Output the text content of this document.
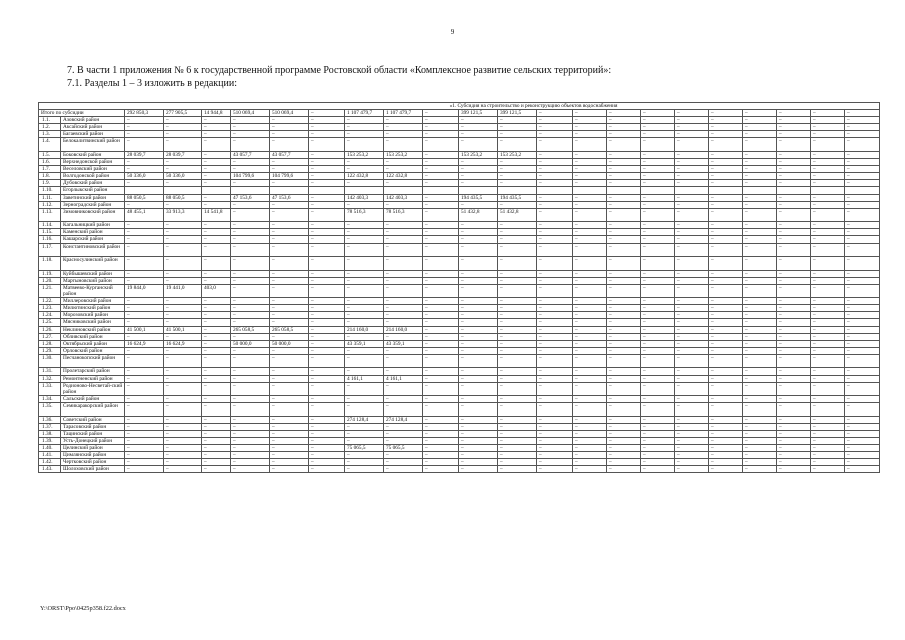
9
7. В части 1 приложения № 6 к государственной программе Ростовской области «Комплексное развитие сельских территорий»:
7.1. Разделы 1 – 3 изложить в редакции:
«1. Субсидия на строительство и реконструкцию объектов водоснабжения																						
Итого по субсидии		292 850,3	277 905,5	14 944,8	510 069,4	510 069,4	–	1 107 479,7	1 107 479,7	–	399 121,5	399 121,5	–	–	–	–	–	–	–	–	–	–
1.1.	Азовский район	–	–	–	–	–	–	–	–	–	–	–	–	–	–	–	–	–	–	–	–	–
1.2.	Аксайский район	–	–	–	–	–	–	–	–	–	–	–	–	–	–	–	–	–	–	–	–	–
1.3.	Багаевский район	–	–	–	–	–	–	–	–	–	–	–	–	–	–	–	–	–	–	–	–	–
1.4.	Белокалитвинский район	–	–	–	–	–	–	–	–	–	–	–	–	–	–	–	–	–	–	–	–	–
1.5.	Боковский район	28 039,7	28 039,7	–	43 057,7	43 057,7	–	153 253,2	153 253,2	–	153 253,2	153 253,2	–	–	–	–	–	–	–	–	–	–
1.6.	Верхнедонской район	–	–	–	–	–	–	–	–	–	–	–	–	–	–	–	–	–	–	–	–	–
1.7.	Веселовский район	–	–	–	–	–	–	–	–	–	–	–	–	–	–	–	–	–	–	–	–	–
1.8.	Волгодонской район	50 336,0	50 336,0	–	104 799,6	104 799,6	–	122 432,8	122 432,8	–	–	–	–	–	–	–	–	–	–	–	–	–
1.9.	Дубовский район	–	–	–	–	–	–	–	–	–	–	–	–	–	–	–	–	–	–	–	–	–
1.10.	Егорлыкский район																					
1.11.	Заветинский район	88 050,5	88 050,5	–	47 153,6	47 153,6	–	142 403,3	142 403,3	–	194 435,5	194 435,5	–	–	–	–	–	–	–	–	–	–
1.12.	Зерноградский район	–	–	–	–	–	–	–	–	–	–	–	–	–	–	–	–	–	–	–	–	–
1.13.	Зимовниковский район	48 455,1	33 913,3	14 541,8	–	–	–	78 516,3	78 516,3	–	51 432,8	51 432,8	–	–	–	–	–	–	–	–	–	–
1.14.	Кагальницкий район	–	–	–	–	–	–	–	–	–	–	–	–	–	–	–	–	–	–	–	–	–
1.15.	Каменский район	–	–	–	–	–	–	–	–	–	–	–	–	–	–	–	–	–	–	–	–	–
1.16.	Кашарский район	–	–	–	–	–	–	–	–	–	–	–	–	–	–	–	–	–	–	–	–	–
1.17.	Константиновский район	–	–	–	–	–	–	–	–	–	–	–	–	–	–	–	–	–	–	–	–	–
1.18.	Красносулинский район	–	–	–	–	–	–	–	–	–	–	–	–	–	–	–	–	–	–	–	–	–
1.19.	Куйбышевский район	–	–	–	–	–	–	–	–	–	–	–	–	–	–	–	–	–	–	–	–	–
1.20.	Мартыновский район	–	–	–	–	–	–	–	–	–	–	–	–	–	–	–	–	–	–	–	–	–
1.21.	Матвеево-Курганский район	19 844,0	19 441,0	403,0	–	–	–	–	–	–	–	–	–	–	–	–	–	–	–	–	–	–
1.22.	Миллеровский район	–	–	–	–	–	–	–	–	–	–	–	–	–	–	–	–	–	–	–	–	–
1.23.	Милютинский район	–	–	–	–	–	–	–	–	–	–	–	–	–	–	–	–	–	–	–	–	–
1.24.	Морозовский район	–	–	–	–	–	–	–	–	–	–	–	–	–	–	–	–	–	–	–	–	–
1.25.	Мясниковский район	–	–	–	–	–	–	–	–	–	–	–	–	–	–	–	–	–	–	–	–	–
1.26.	Неклиновский район	41 500,1	41 500,1	–	265 058,5	265 058,5	–	214 160,0	214 160,0	–	–	–	–	–	–	–	–	–	–	–	–	–
1.27.	Обливский район	–	–	–	–	–	–	–	–	–	–	–	–	–	–	–	–	–	–	–	–	–
1.28.	Октябрьский район	16 624,9	16 624,9	–	50 000,0	50 000,0	–	43 359,1	43 359,1	–	–	–	–	–	–	–	–	–	–	–	–	–
1.29.	Орловский район	–	–	–	–	–	–	–	–	–	–	–	–	–	–	–	–	–	–	–	–	–
1.30.	Песчанокопский район	–	–	–	–	–	–	–	–	–	–	–	–	–	–	–	–	–	–	–	–	–
1.31.	Пролетарский район	–	–	–	–	–	–	–	–	–	–	–	–	–	–	–	–	–	–	–	–	–
1.32.	Ремонтненский район	–	–	–	–	–	–	4 161,1	4 161,1	–	–	–	–	–	–	–	–	–	–	–	–	–
1.33.	Родионово-Несветай-ский район	–	–	–	–	–	–	–	–	–	–	–	–	–	–	–	–	–	–	–	–	–
1.34.	Сальский район	–	–	–	–	–	–	–	–	–	–	–	–	–	–	–	–	–	–	–	–	–
1.35.	Семикаракорский район	–	–	–	–	–	–	–	–	–	–	–	–	–	–	–	–	–	–	–	–	–
1.36.	Советский район	–	–	–	–	–	–	274 128,4	274 128,4	–	–	–	–	–	–	–	–	–	–	–	–	–
1.37.	Тарасовский район	–	–	–	–	–	–	–	–	–	–	–	–	–	–	–	–	–	–	–	–	–
1.38.	Тацинский район	–	–	–	–	–	–	–	–	–	–	–	–	–	–	–	–	–	–	–	–	–
1.39.	Усть-Донецкий район	–	–	–	–	–	–	–	–	–	–	–	–	–	–	–	–	–	–	–	–	–
1.40.	Целинский район	–	–	–	–	–	–	75 065,5	75 065,5	–	–	–	–	–	–	–	–	–	–	–	–	–
1.41.	Цимлянский район	–	–	–	–	–	–	–	–	–	–	–	–	–	–	–	–	–	–	–	–	–
1.42.	Чертковский район	–	–	–	–	–	–	–	–	–	–	–	–	–	–	–	–	–	–	–	–	–
1.43.	Шолоховский район	–	–	–	–	–	–	–	–	–	–	–	–	–	–	–	–	–	–	–	–	–
Y:\ORST\Ppo\0425p358.f22.docx
